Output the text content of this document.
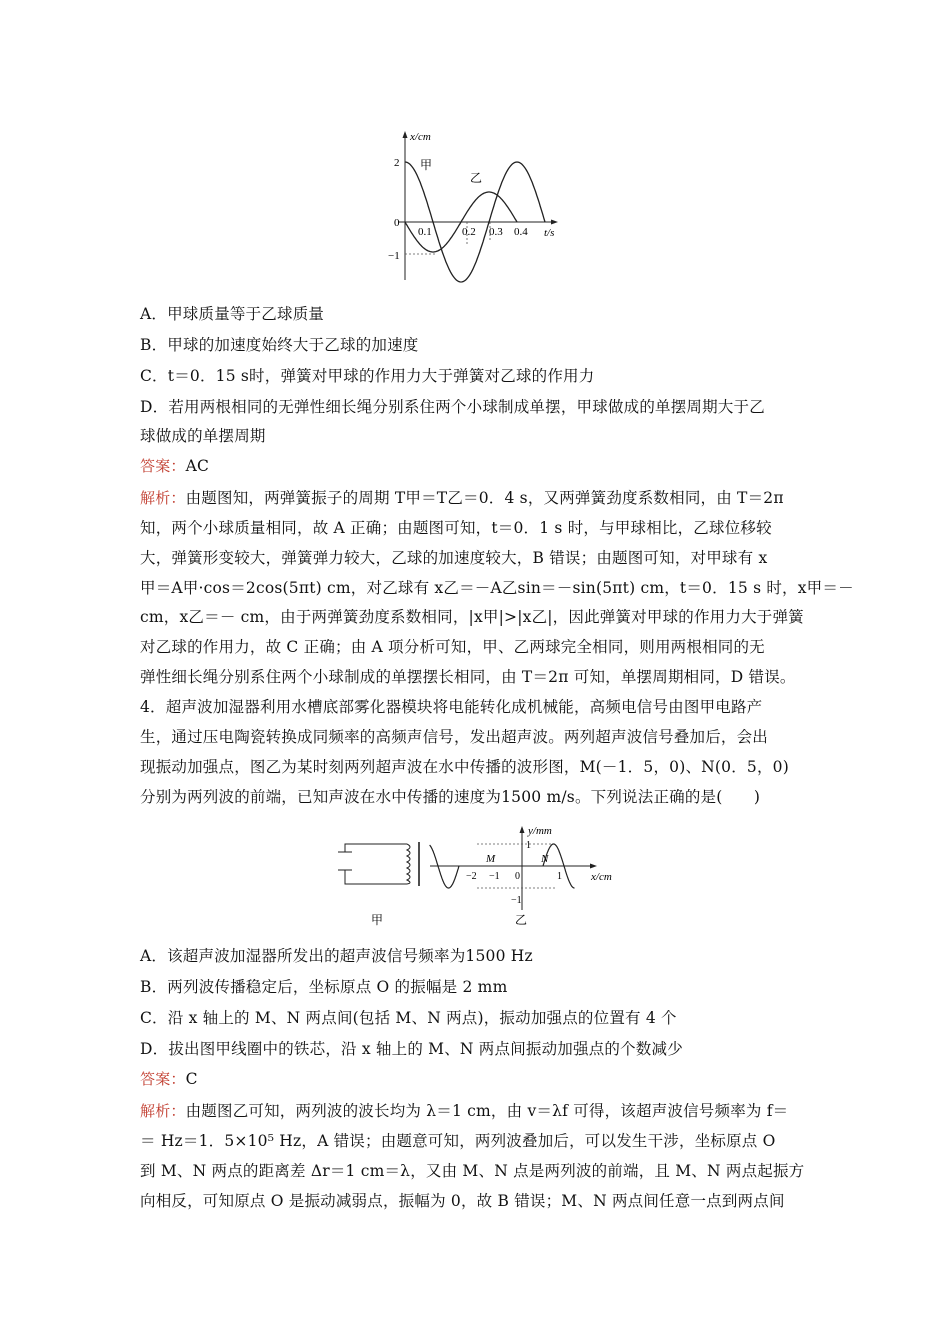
x/cm
t/s
甲
乙
2
0
−1
0.1	0.2 0.3 0.4
A．甲球质量等于乙球质量
B．甲球的加速度始终大于乙球的加速度
C．t＝0．15 s时，弹簧对甲球的作用力大于弹簧对乙球的作用力
D．若用两根相同的无弹性细长绳分别系住两个小球制成单摆，甲球做成的单摆周期大于乙
球做成的单摆周期
答案：AC
解析：由题图知，两弹簧振子的周期 T甲＝T乙＝0．4 s，又两弹簧劲度系数相同，由 T＝2π
知，两个小球质量相同，故 A 正确；由题图可知，t＝0．1 s 时，与甲球相比，乙球位移较
大，弹簧形变较大，弹簧弹力较大，乙球的加速度较大，B 错误；由题图可知，对甲球有 x
甲＝A甲·cos＝2cos(5πt) cm，对乙球有 x乙＝－A乙sin＝－sin(5πt) cm，t＝0．15 s 时，x甲＝－
cm，x乙＝－ cm，由于两弹簧劲度系数相同，|x甲|>|x乙|，因此弹簧对甲球的作用力大于弹簧
对乙球的作用力，故 C 正确；由 A 项分析可知，甲、乙两球完全相同，则用两根相同的无
弹性细长绳分别系住两个小球制成的单摆摆长相同，由 T＝2π 可知，单摆周期相同，D 错误。
4．超声波加湿器利用水槽底部雾化器模块将电能转化成机械能，高频电信号由图甲电路产
生，通过压电陶瓷转换成同频率的高频声信号，发出超声波。两列超声波信号叠加后，会出
现振动加强点，图乙为某时刻两列超声波在水中传播的波形图，M(－1．5，0)、N(0．5，0)
分别为两列波的前端，已知声波在水中传播的速度为1500 m/s。下列说法正确的是(　　)
甲
y/mm
x/cm
M	N
1
−1
−2 −1 0	1
乙
A．该超声波加湿器所发出的超声波信号频率为1500 Hz
B．两列波传播稳定后，坐标原点 O 的振幅是 2 mm
C．沿 x 轴上的 M、N 两点间(包括 M、N 两点)，振动加强点的位置有 4 个
D．拔出图甲线圈中的铁芯，沿 x 轴上的 M、N 两点间振动加强点的个数减少
答案：C
解析：由题图乙可知，两列波的波长均为 λ＝1 cm，由 v＝λf 可得，该超声波信号频率为 f＝
＝ Hz＝1．5×10⁵ Hz，A 错误；由题意可知，两列波叠加后，可以发生干涉，坐标原点 O
到 M、N 两点的距离差 Δr＝1 cm＝λ，又由 M、N 点是两列波的前端，且 M、N 两点起振方
向相反，可知原点 O 是振动减弱点，振幅为 0，故 B 错误；M、N 两点间任意一点到两点间
